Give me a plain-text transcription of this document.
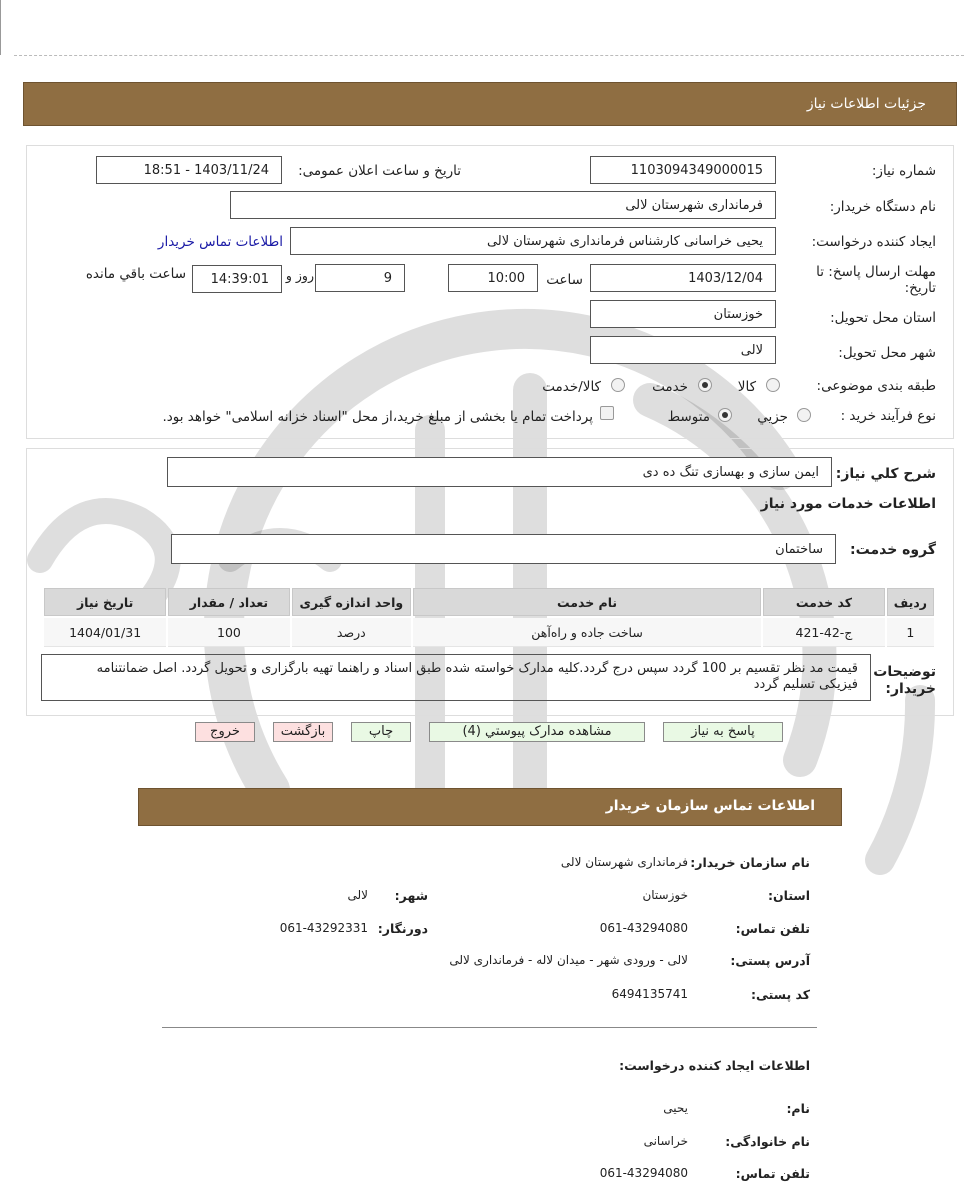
جزئیات اطلاعات نیاز
شماره نیاز:
1103094349000015
تاریخ و ساعت اعلان عمومی:
1403/11/24 - 18:51
نام دستگاه خریدار:
فرمانداری شهرستان لالی
ایجاد کننده درخواست:
یحیی خراسانی کارشناس فرمانداری شهرستان لالی
اطلاعات تماس خریدار
مهلت ارسال پاسخ: تا
تاریخ:
1403/12/04
ساعت
10:00
9
روز و
14:39:01
ساعت باقي مانده
استان محل تحویل:
خوزستان
شهر محل تحویل:
لالی
طبقه بندی موضوعی:
کالا
خدمت
کالا/خدمت
نوع فرآیند خرید :
جزيي
متوسط
پرداخت تمام یا بخشی از مبلغ خرید،از محل "اسناد خزانه اسلامی" خواهد بود.
شرح کلي نياز:
ایمن سازی و بهسازی تنگ ده دی
اطلاعات خدمات مورد نیاز
گروه خدمت:
ساختمان
رديف	کد خدمت	نام خدمت	واحد اندازه گیری	تعداد / مقدار	تاریخ نیاز
1	ج-42-421	ساخت جاده و راه‌آهن	درصد	100	1404/01/31
توضیحات
خریدار:
قیمت مد نظر تقسیم بر 100 گردد سپس درج گردد.کلیه مدارک خواسته شده طبق اسناد و راهنما تهیه بارگزاری و تحویل گردد. اصل ضمانتنامه فیزیکی تسلیم گردد
پاسخ به نیاز
مشاهده مدارک پیوستي (4)
چاپ
بازگشت
خروج
اطلاعات تماس سازمان خریدار
نام سازمان خریدار:
فرمانداری شهرستان لالی
استان:
خوزستان
شهر:
لالی
تلفن تماس:
061-43294080
دورنگار:
061-43292331
آدرس پستی:
لالی - ورودی شهر - میدان لاله - فرمانداری لالی
کد پستی:
6494135741
اطلاعات ایجاد کننده درخواست:
نام:
یحیی
نام خانوادگی:
خراسانی
تلفن تماس:
061-43294080
